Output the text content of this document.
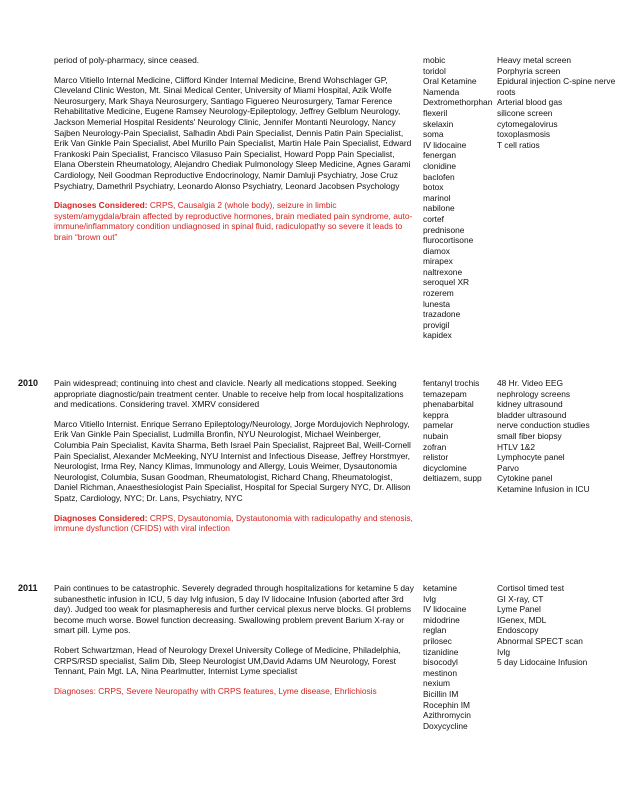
period of poly-pharmacy, since ceased.

Marco Vitiello Internal Medicine, Clifford Kinder Internal Medicine, Brend Wohschlager GP, Cleveland Clinic Weston, Mt. Sinai Medical Center, University of Miami Hospital, Azik Wolfe Neurosurgery, Mark Shaya Neurosurgery, Santiago Figuereo Neurosurgery, Tamar Ference Rehabilitative Medicine, Eugene Ramsey Neurology-Epileptology, Jeffrey Gelblum Neurology, Jackson Memerial Hospital Residents' Neurology Clinic, Jennifer Montanti Neurology, Nancy Sajben Neurology-Pain Specialist, Salhadin Abdi Pain Specialist, Dennis Patin Pain Specialist, Erik Van Ginkle Pain Specialist, Abel Murillo Pain Specialist, Martin Hale Pain Specialist, Edward Frankoski Pain Specialist, Francisco Vilasuso Pain Specialist, Howard Popp Pain Specialist, Elana Oberstein Rheumatology, Alejandro Chediak Pulmonology Sleep Medicine, Agnes Garami Cardiology, Neil Goodman Reproductive Endocrinology, Namir Damluji Psychiatry, Jose Cruz Psychiatry, Damethril Psychiatry, Leonardo Alonso Psychiatry, Leonard Jacobsen Psychology

Diagnoses Considered: CRPS, Causalgia 2 (whole body), seizure in limbic system/amygdala/brain affected by reproductive hormones, brain mediated pain syndrome, auto-immune/inflammatory condition undiagnosed in spinal fluid, radiculopathy so severe it leads to brain “brown out”

mobic
toridol
Oral Ketamine
Namenda
Dextromethorphan
flexeril
skelaxin
soma
IV lidocaine
fenergan
clonidine
baclofen
botox
marinol
nabilone
cortef
prednisone
flurocortisone
diamox
mirapex
naltrexone
seroquel XR
rozerem
lunesta
trazadone
provigil
kapidex
Heavy metal screen
Porphyria screen
Epidural injection C-spine nerve roots
Arterial blood gas
silicone screen
cytomegalovirus
toxoplasmosis
T cell ratios
2010 Pain widespread; continuing into chest and clavicle. Nearly all medications stopped. Seeking appropriate diagnostic/pain treatment center. Unable to receive help from local hospitalizations and medications. Considering travel. XMRV considered

Marco Vitiello Internist. Enrique Serrano Epileptology/Neurology, Jorge Mordujovich Nephrology, Erik Van Ginkle Pain Specialist, Ludmilla Bronfin, NYU Neurologist, Michael Weinberger, Columbia Pain Specialist, Kavita Sharma, Beth Israel Pain Specialist, Rajpreet Bal, Weill-Cornell Pain Specialist, Alexander McMeeking, NYU Internist and Infectious Disease, Jeffrey Horstmyer, Neurologist, Irma Rey, Nancy Klimas, Immunology and Allergy, Louis Weimer, Dysautonomia Neurologist, Columbia, Susan Goodman, Rheumatologist, Richard Chang, Rheumatologist, Daniel Richman, Anaesthesiologist Pain Specialist, Hospital for Special Surgery NYC, Dr. Allison Spatz, Cardiology, NYC; Dr. Lans, Psychiatry, NYC

Diagnoses Considered: CRPS, Dysautonomia, Dystautonomia with radiculopathy and stenosis, immune dysfunction (CFIDS) with viral infection

fentanyl trochis
temazepam
phenabarbital
keppra
pamelar
nubain
zofran
relistor
dicyclomine
deltiazem, supp
48 Hr. Video EEG
nephrology screens
kidney ultrasound
bladder ultrasound
nerve conduction studies
small fiber biopsy
HTLV 1&2
Lymphocyte panel
Parvo
Cytokine panel
Ketamine Infusion in ICU
2011 Pain continues to be catastrophic. Severely degraded through hospitalizations for ketamine 5 day subanesthetic infusion in ICU, 5 day Ivlg infusion, 5 day IV lidocaine Infusion (aborted after 3rd day). Judged too weak for plasmapheresis and further cervical plexus nerve blocks. GI problems become much worse. Bowel function decreasing. Swallowing problem prevent Barium X-ray or smart pill. Lyme pos.

Robert Schwartzman, Head of Neurology Drexel University College of Medicine, Philadelphia, CRPS/RSD specialist, Salim Dib, Sleep Neurologist UM,David Adams UM Neurology, Forest Tennant, Pain Mgt. LA, Nina Pearlmutter, Internist Lyme specialist

Diagnoses: CRPS, Severe Neuropathy with CRPS features, Lyme disease, Ehrlichiosis

ketamine
Ivlg
IV lidocaine
midodrine
reglan
prilosec
tizanidine
bisocodyl
mestinon
nexium
Bicillin IM
Rocephin IM
Azithromycin
Doxycycline
Cortisol timed test
GI X-ray, CT
Lyme Panel
IGenex, MDL
Endoscopy
Abnormal SPECT scan
Ivlg
5 day Lidocaine Infusion
